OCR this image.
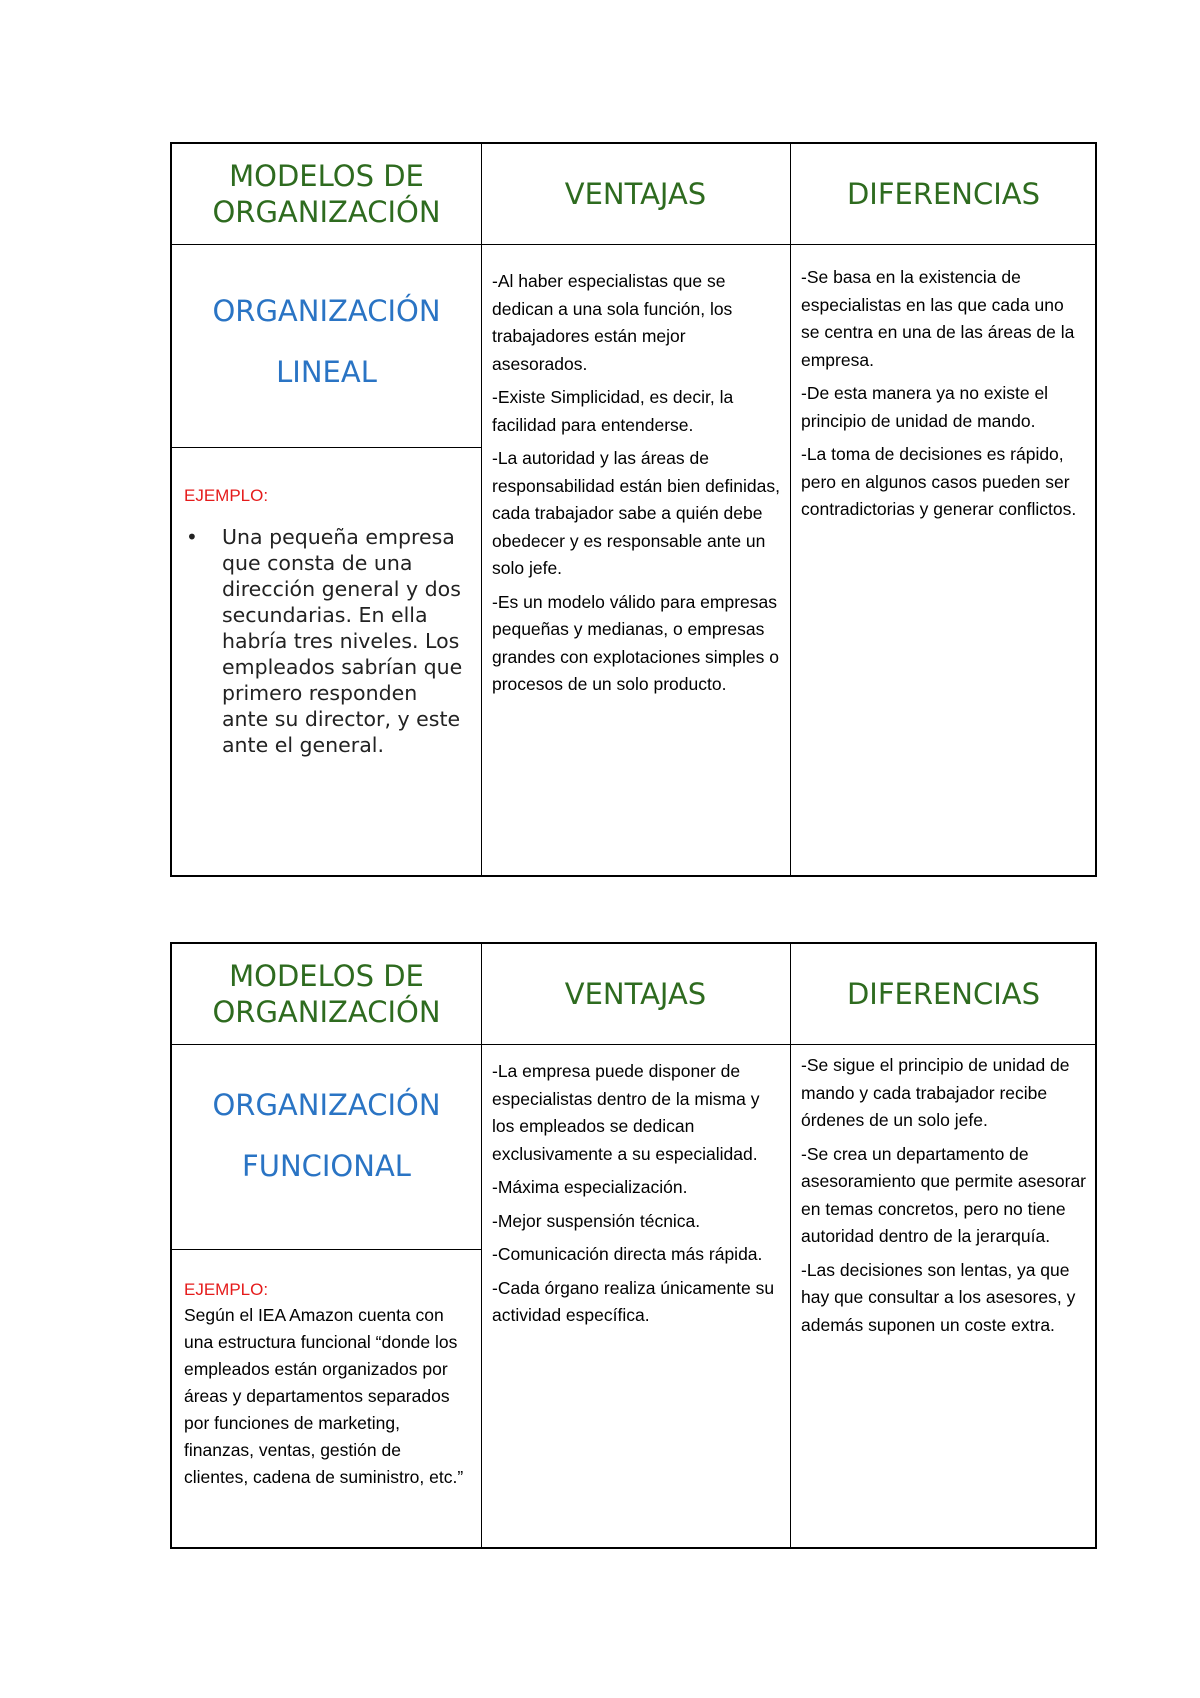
MODELOS DE ORGANIZACIÓN
VENTAJAS	DIFERENCIAS
ORGANIZACIÓN
LINEAL
EJEMPLO:
• Una pequeña empresa que consta de una dirección general y dos secundarias. En ella habría tres niveles. Los empleados sabrían que primero responden ante su director, y este ante el general.

-Al haber especialistas que se dedican a una sola función, los trabajadores están mejor asesorados.

-Existe Simplicidad, es decir, la facilidad para entenderse.

-La autoridad y las áreas de responsabilidad están bien definidas, cada trabajador sabe a quién debe obedecer y es responsable ante un solo jefe.

-Es un modelo válido para empresas pequeñas y medianas, o empresas grandes con explotaciones simples o procesos de un solo producto.

-Se basa en la existencia de especialistas en las que cada uno se centra en una de las áreas de la empresa.

-De esta manera ya no existe el principio de unidad de mando.

-La toma de decisiones es rápido, pero en algunos casos pueden ser contradictorias y generar conflictos.

MODELOS DE ORGANIZACIÓN
VENTAJAS	DIFERENCIAS
ORGANIZACIÓN
FUNCIONAL
EJEMPLO:

Según el IEA Amazon cuenta con una estructura funcional “donde los empleados están organizados por áreas y departamentos separados por funciones de marketing, finanzas, ventas, gestión de clientes, cadena de suministro, etc.”

-La empresa puede disponer de especialistas dentro de la misma y los empleados se dedican exclusivamente a su especialidad.

-Máxima especialización.

-Mejor suspensión técnica.

-Comunicación directa más rápida.

-Cada órgano realiza únicamente su actividad específica.

-Se sigue el principio de unidad de mando y cada trabajador recibe órdenes de un solo jefe.

-Se crea un departamento de asesoramiento que permite asesorar en temas concretos, pero no tiene autoridad dentro de la jerarquía.

-Las decisiones son lentas, ya que hay que consultar a los asesores, y además suponen un coste extra.
